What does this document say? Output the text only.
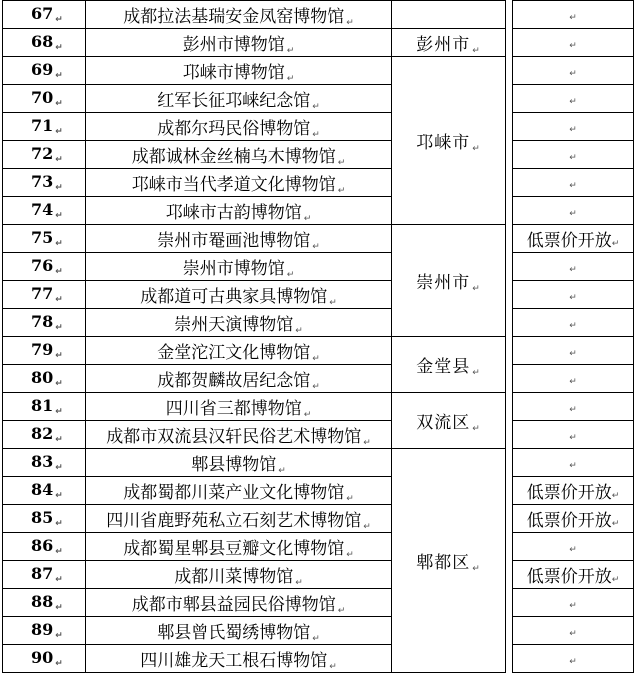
67 ↵	成都拉法基瑞安金凤窑博物馆 ↵			↵
68 ↵	彭州市博物馆 ↵	彭州市 ↵		↵
69 ↵	邛崃市博物馆 ↵	邛崃市 ↵		↵
70 ↵	红军长征邛崃纪念馆 ↵			↵
71 ↵	成都尔玛民俗博物馆 ↵			↵
72 ↵	成都诚林金丝楠乌木博物馆 ↵			↵
73 ↵	邛崃市当代孝道文化博物馆 ↵			↵
74 ↵	邛崃市古韵博物馆 ↵			↵
75 ↵	崇州市罨画池博物馆 ↵	崇州市 ↵		低票价开放↵
76 ↵	崇州市博物馆 ↵			↵
77 ↵	成都道可古典家具博物馆 ↵			↵
78 ↵	崇州天演博物馆 ↵			↵
79 ↵	金堂沱江文化博物馆 ↵	金堂县 ↵		↵
80 ↵	成都贺麟故居纪念馆 ↵			↵
81 ↵	四川省三都博物馆 ↵	双流区 ↵		↵
82 ↵	成都市双流县汉轩民俗艺术博物馆 ↵			↵
83 ↵	郫县博物馆 ↵	郫都区 ↵		↵
84 ↵	成都蜀都川菜产业文化博物馆 ↵			低票价开放↵
85 ↵	四川省鹿野苑私立石刻艺术博物馆 ↵			低票价开放↵
86 ↵	成都蜀星郫县豆瓣文化博物馆 ↵			↵
87 ↵	成都川菜博物馆 ↵			低票价开放↵
88 ↵	成都市郫县益园民俗博物馆 ↵			↵
89 ↵	郫县曾氏蜀绣博物馆 ↵			↵
90 ↵	四川雄龙天工根石博物馆 ↵			↵
